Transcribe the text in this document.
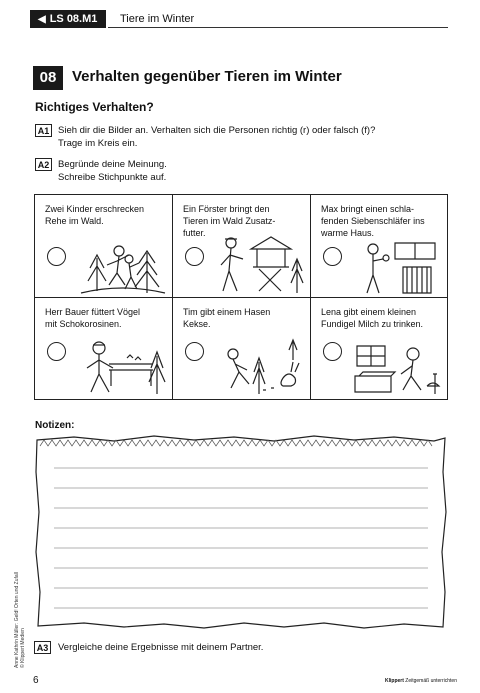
◀ LS 08.M1	Tiere im Winter
08	Verhalten gegenüber Tieren im Winter
Richtiges Verhalten?
A1 Sieh dir die Bilder an. Verhalten sich die Personen richtig (r) oder falsch (f)?
Trage im Kreis ein.
A2 Begründe deine Meinung.
Schreibe Stichpunkte auf.
Zwei Kinder erschrecken
Rehe im Wald.
Ein Förster bringt den
Tieren im Wald Zusatz-
futter.
Max bringt einen schla-
fenden Siebenschläfer ins
warme Haus.
Herr Bauer füttert Vögel
mit Schokorosinen.
Tim gibt einem Hasen
Kekse.
Lena gibt einem kleinen
Fundigel Milch zu trinken.
Notizen:
A3 Vergleiche deine Ergebnisse mit deinem Partner.
6
Anne Kathrin Müller: Geld! Orten und Zufall © Klippert Medien
Klippert Zeitgemäß unterrichten
